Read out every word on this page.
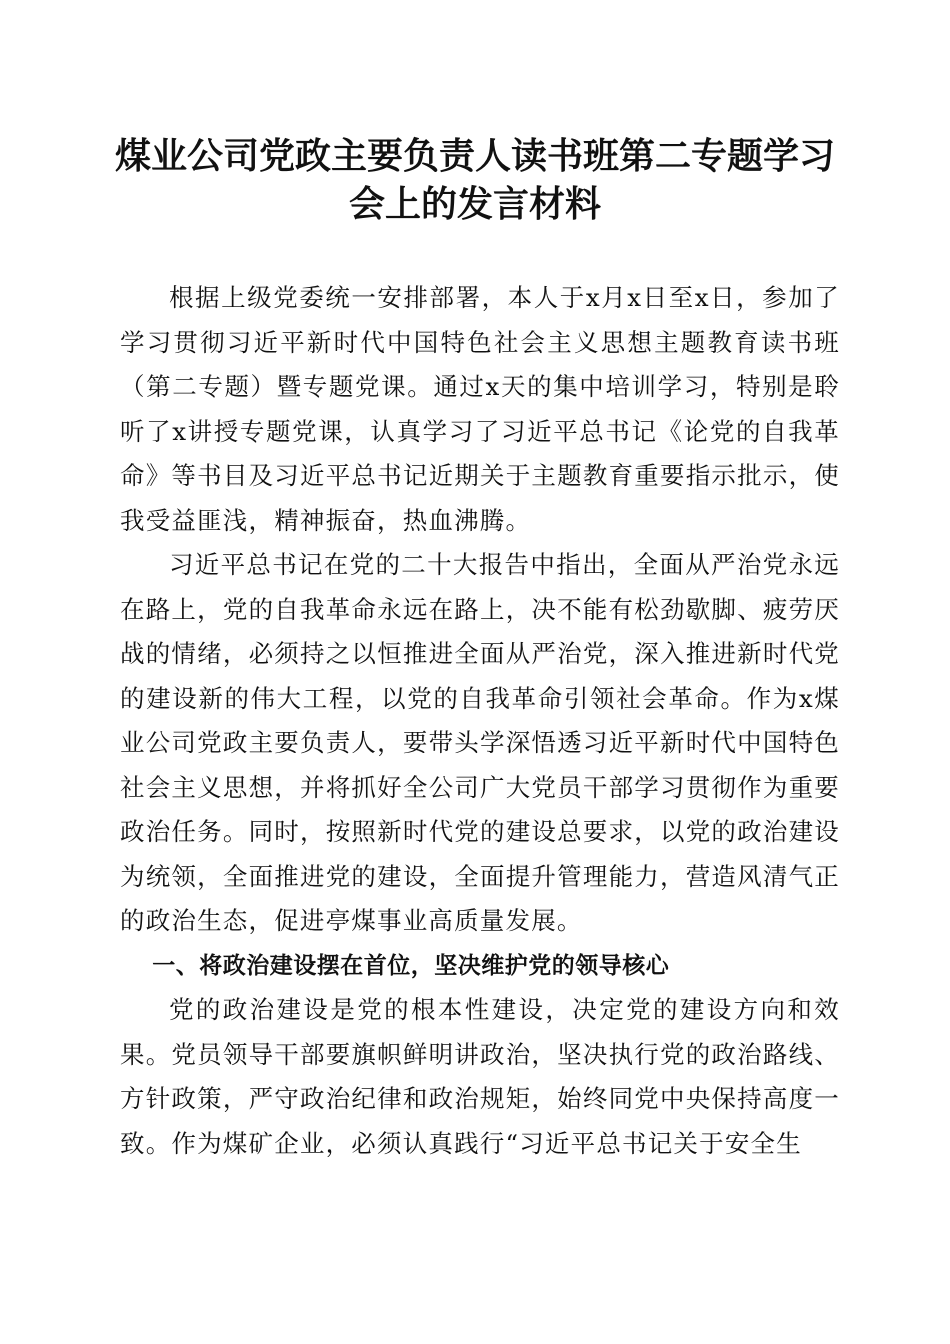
煤业公司党政主要负责人读书班第二专题学习
会上的发言材料

根据上级党委统一安排部署，本人于x月x日至x日，参加了学习贯彻习近平新时代中国特色社会主义思想主题教育读书班（第二专题）暨专题党课。通过x天的集中培训学习，特别是聆听了x讲授专题党课，认真学习了习近平总书记《论党的自我革命》等书目及习近平总书记近期关于主题教育重要指示批示，使我受益匪浅，精神振奋，热血沸腾。

习近平总书记在党的二十大报告中指出，全面从严治党永远在路上，党的自我革命永远在路上，决不能有松劲歇脚、疲劳厌战的情绪，必须持之以恒推进全面从严治党，深入推进新时代党的建设新的伟大工程，以党的自我革命引领社会革命。作为x煤业公司党政主要负责人，要带头学深悟透习近平新时代中国特色社会主义思想，并将抓好全公司广大党员干部学习贯彻作为重要政治任务。同时，按照新时代党的建设总要求，以党的政治建设为统领，全面推进党的建设，全面提升管理能力，营造风清气正的政治生态，促进亭煤事业高质量发展。

一、将政治建设摆在首位，坚决维护党的领导核心

党的政治建设是党的根本性建设，决定党的建设方向和效果。党员领导干部要旗帜鲜明讲政治，坚决执行党的政治路线、方针政策，严守政治纪律和政治规矩，始终同党中央保持高度一致。作为煤矿企业，必须认真践行“习近平总书记关于安全生
